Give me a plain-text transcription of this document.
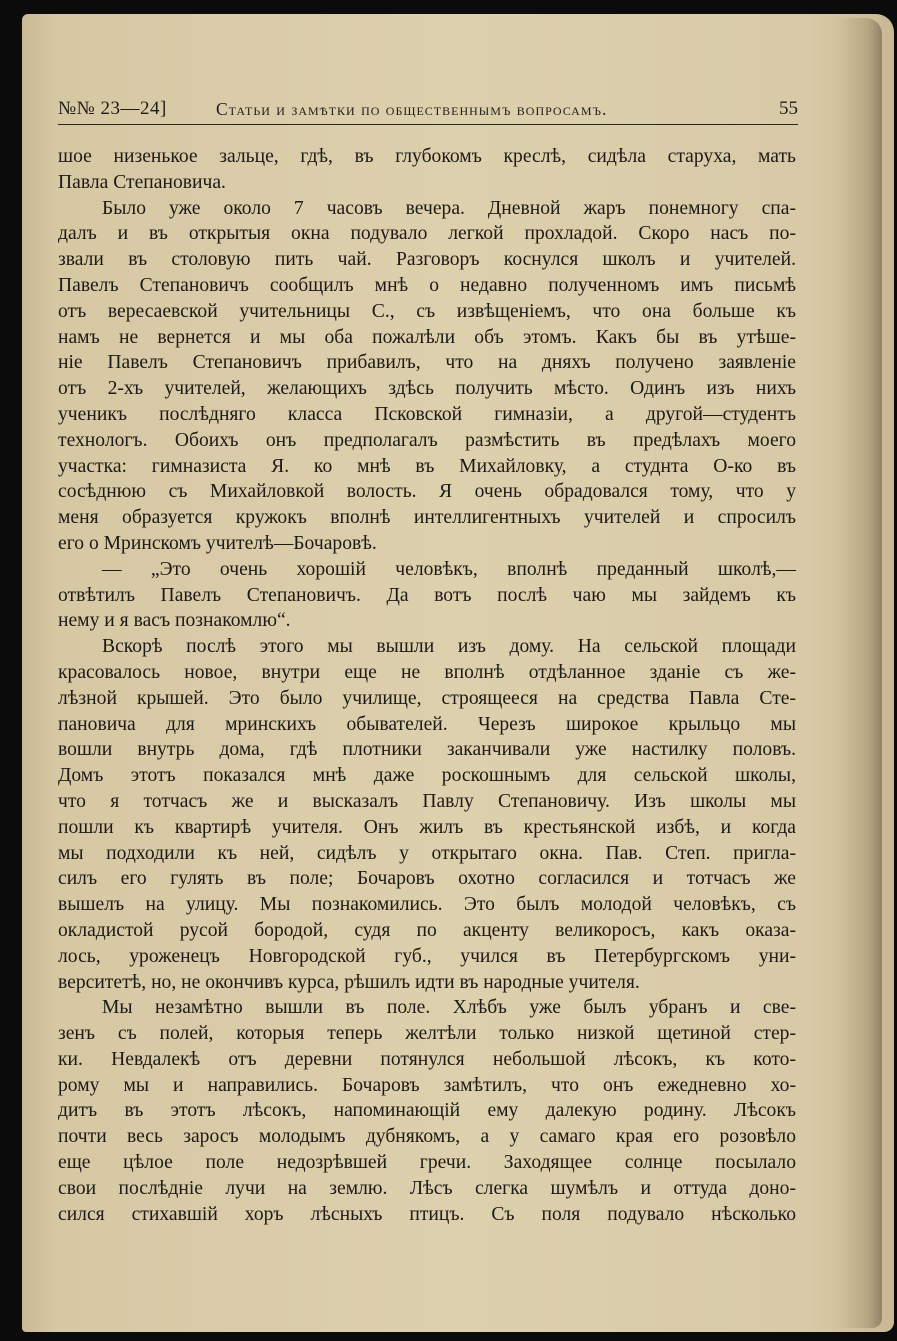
№№ 23—24]	Статьи и замѣтки по общественнымъ вопросамъ.	55
шое низенькое зальце, гдѣ, въ глубокомъ креслѣ, сидѣла старуха, мать
Павла Степановича.
Было уже около 7 часовъ вечера. Дневной жаръ понемногу спа-
далъ и въ открытыя окна подувало легкой прохладой. Скоро насъ по-
звали въ столовую пить чай. Разговоръ коснулся школъ и учителей.
Павелъ Степановичъ сообщилъ мнѣ о недавно полученномъ имъ письмѣ
отъ вересаевской учительницы С., съ извѣщеніемъ, что она больше къ
намъ не вернется и мы оба пожалѣли объ этомъ. Какъ бы въ утѣше-
ніе Павелъ Степановичъ прибавилъ, что на дняхъ получено заявленіе
отъ 2-хъ учителей, желающихъ здѣсь получить мѣсто. Одинъ изъ нихъ
ученикъ послѣдняго класса Псковской гимназіи, а другой—студентъ
технологъ. Обоихъ онъ предполагалъ размѣстить въ предѣлахъ моего
участка: гимназиста Я. ко мнѣ въ Михайловку, а студнта О-ко въ
сосѣднюю съ Михайловкой волость. Я очень обрадовался тому, что у
меня образуется кружокъ вполнѣ интеллигентныхъ учителей и спросилъ
его о Мринскомъ учителѣ—Бочаровѣ.
— „Это очень хорошій человѣкъ, вполнѣ преданный школѣ,—
отвѣтилъ Павелъ Степановичъ. Да вотъ послѣ чаю мы зайдемъ къ
нему и я васъ познакомлю“.
Вскорѣ послѣ этого мы вышли изъ дому. На сельской площади
красовалось новое, внутри еще не вполнѣ отдѣланное зданіе съ же-
лѣзной крышей. Это было училище, строящееся на средства Павла Сте-
пановича для мринскихъ обывателей. Черезъ широкое крыльцо мы
вошли внутрь дома, гдѣ плотники заканчивали уже настилку половъ.
Домъ этотъ показался мнѣ даже роскошнымъ для сельской школы,
что я тотчасъ же и высказалъ Павлу Степановичу. Изъ школы мы
пошли къ квартирѣ учителя. Онъ жилъ въ крестьянской избѣ, и когда
мы подходили къ ней, сидѣлъ у открытаго окна. Пав. Степ. пригла-
силъ его гулять въ поле; Бочаровъ охотно согласился и тотчасъ же
вышелъ на улицу. Мы познакомились. Это былъ молодой человѣкъ, съ
окладистой русой бородой, судя по акценту великоросъ, какъ оказа-
лось, уроженецъ Новгородской губ., учился въ Петербургскомъ уни-
верситетѣ, но, не окончивъ курса, рѣшилъ идти въ народные учителя.
Мы незамѣтно вышли въ поле. Хлѣбъ уже былъ убранъ и све-
зенъ съ полей, которыя теперь желтѣли только низкой щетиной стер-
ки. Невдалекѣ отъ деревни потянулся небольшой лѣсокъ, къ кото-
рому мы и направились. Бочаровъ замѣтилъ, что онъ ежедневно хо-
дитъ въ этотъ лѣсокъ, напоминающій ему далекую родину. Лѣсокъ
почти весь заросъ молодымъ дубнякомъ, а у самаго края его розовѣло
еще цѣлое поле недозрѣвшей гречи. Заходящее солнце посылало
свои послѣдніе лучи на землю. Лѣсъ слегка шумѣлъ и оттуда доно-
сился стихавшій хоръ лѣсныхъ птицъ. Съ поля подувало нѣсколько
